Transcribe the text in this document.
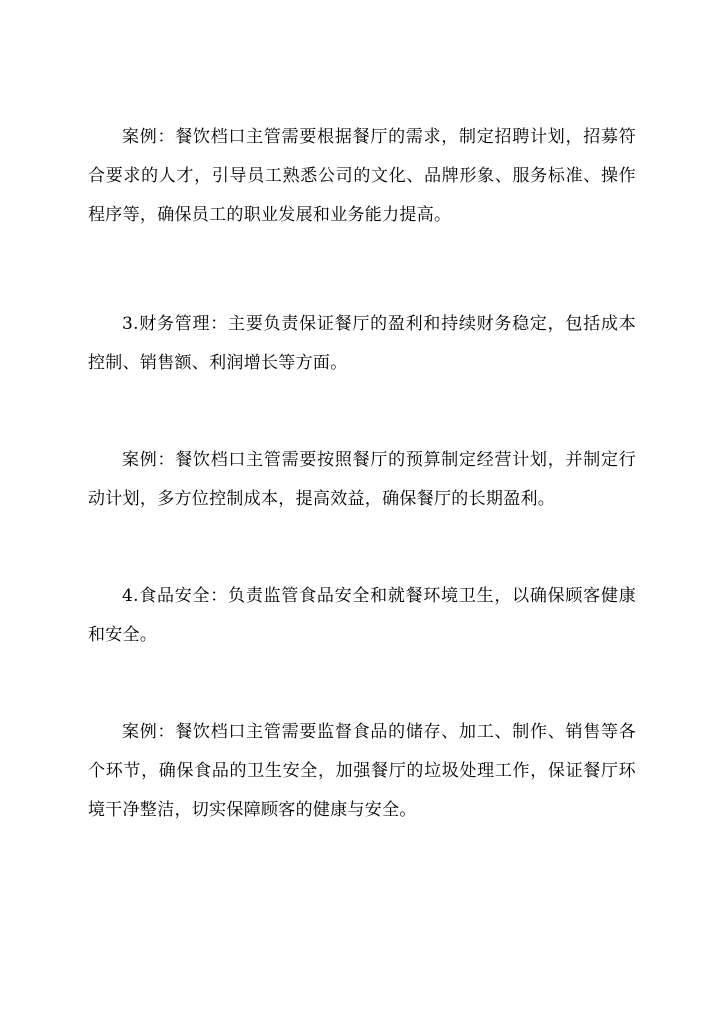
案例：餐饮档口主管需要根据餐厅的需求，制定招聘计划，招募符合要求的人才，引导员工熟悉公司的文化、品牌形象、服务标准、操作程序等，确保员工的职业发展和业务能力提高。

3.财务管理：主要负责保证餐厅的盈利和持续财务稳定，包括成本控制、销售额、利润增长等方面。

案例：餐饮档口主管需要按照餐厅的预算制定经营计划，并制定行动计划，多方位控制成本，提高效益，确保餐厅的长期盈利。

4.食品安全：负责监管食品安全和就餐环境卫生，以确保顾客健康和安全。

案例：餐饮档口主管需要监督食品的储存、加工、制作、销售等各个环节，确保食品的卫生安全，加强餐厅的垃圾处理工作，保证餐厅环境干净整洁，切实保障顾客的健康与安全。
